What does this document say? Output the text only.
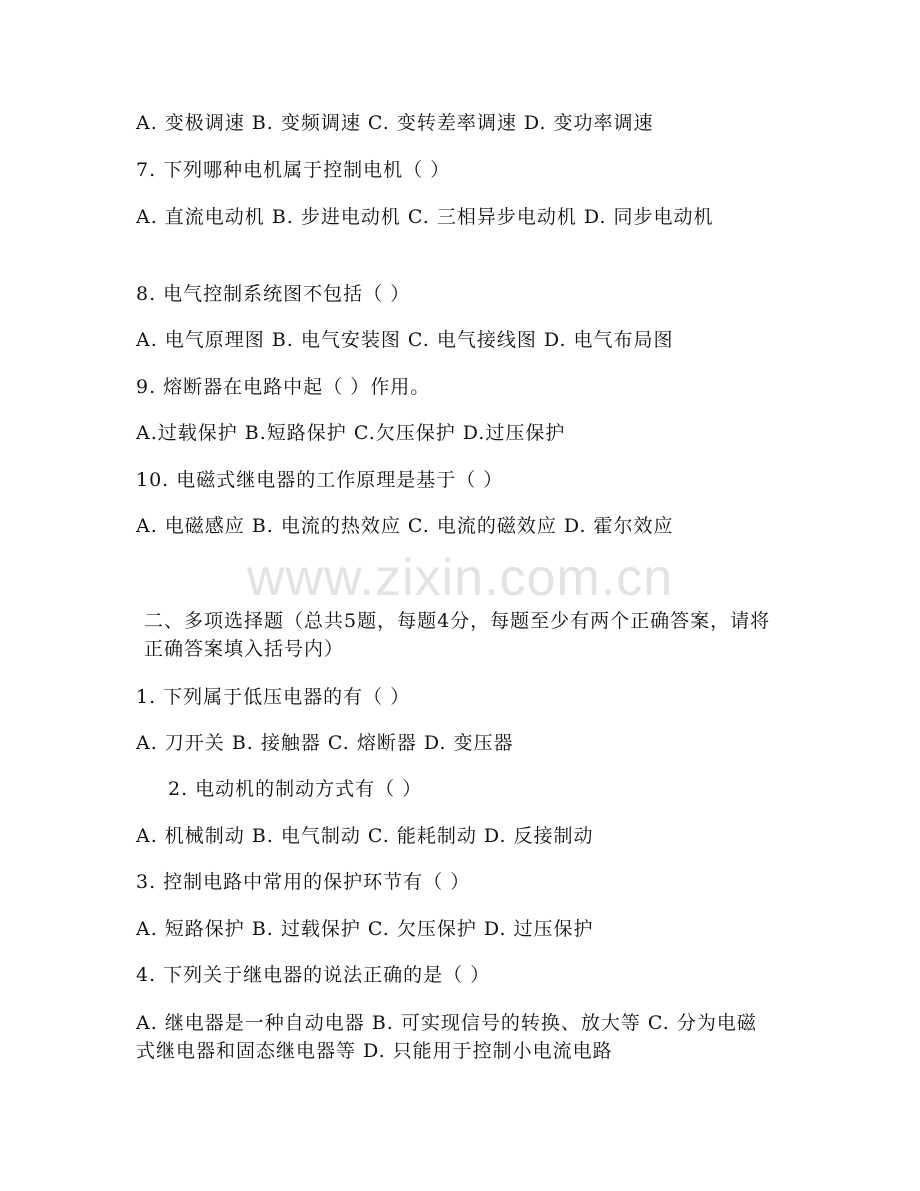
www.zixin.com.cn
A. 变极调速 B. 变频调速 C. 变转差率调速 D. 变功率调速
7. 下列哪种电机属于控制电机（ ）
A. 直流电动机 B. 步进电动机 C. 三相异步电动机 D. 同步电动机
8. 电气控制系统图不包括（ ）
A. 电气原理图 B. 电气安装图 C. 电气接线图 D. 电气布局图
9. 熔断器在电路中起（ ）作用。
A.过载保护 B.短路保护 C.欠压保护 D.过压保护
10. 电磁式继电器的工作原理是基于（ ）
A. 电磁感应 B. 电流的热效应 C. 电流的磁效应 D. 霍尔效应
二、多项选择题（总共5题，每题4分，每题至少有两个正确答案，请将正确答案填入括号内）
1. 下列属于低压电器的有（ ）
A. 刀开关 B. 接触器 C. 熔断器 D. 变压器
2. 电动机的制动方式有（ ）
A. 机械制动 B. 电气制动 C. 能耗制动 D. 反接制动
3. 控制电路中常用的保护环节有（ ）
A. 短路保护 B. 过载保护 C. 欠压保护 D. 过压保护
4. 下列关于继电器的说法正确的是（ ）
A. 继电器是一种自动电器 B. 可实现信号的转换、放大等 C. 分为电磁式继电器和固态继电器等 D. 只能用于控制小电流电路
